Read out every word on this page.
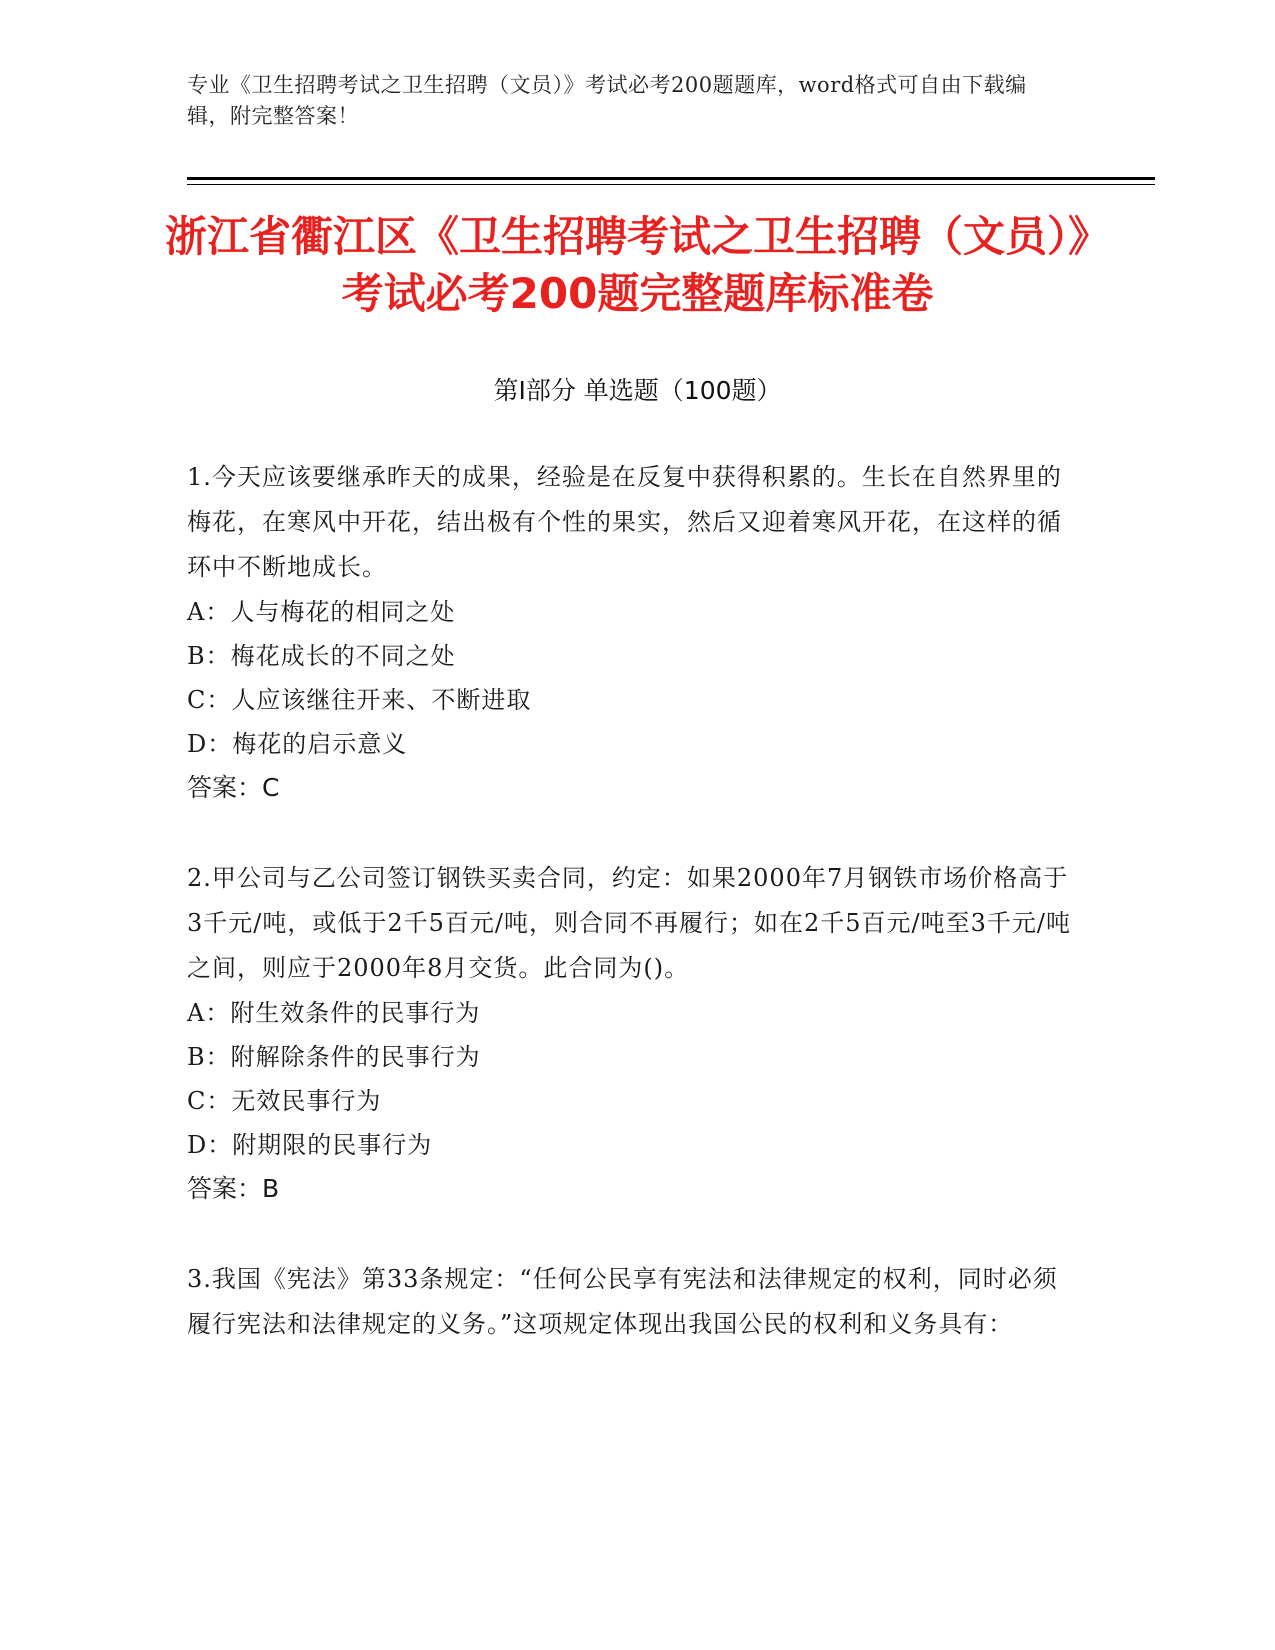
专业《卫生招聘考试之卫生招聘（文员）》考试必考200题题库，word格式可自由下载编辑，附完整答案！
浙江省衢江区《卫生招聘考试之卫生招聘（文员）》考试必考200题完整题库标准卷
第I部分 单选题（100题）
1.今天应该要继承昨天的成果，经验是在反复中获得积累的。生长在自然界里的梅花，在寒风中开花，结出极有个性的果实，然后又迎着寒风开花，在这样的循环中不断地成长。
A：人与梅花的相同之处
B：梅花成长的不同之处
C：人应该继往开来、不断进取
D：梅花的启示意义
答案：C
2.甲公司与乙公司签订钢铁买卖合同，约定：如果2000年7月钢铁市场价格高于3千元/吨，或低于2千5百元/吨，则合同不再履行；如在2千5百元/吨至3千元/吨之间，则应于2000年8月交货。此合同为()。
A：附生效条件的民事行为
B：附解除条件的民事行为
C：无效民事行为
D：附期限的民事行为
答案：B
3.我国《宪法》第33条规定：“任何公民享有宪法和法律规定的权利，同时必须履行宪法和法律规定的义务。”这项规定体现出我国公民的权利和义务具有：
